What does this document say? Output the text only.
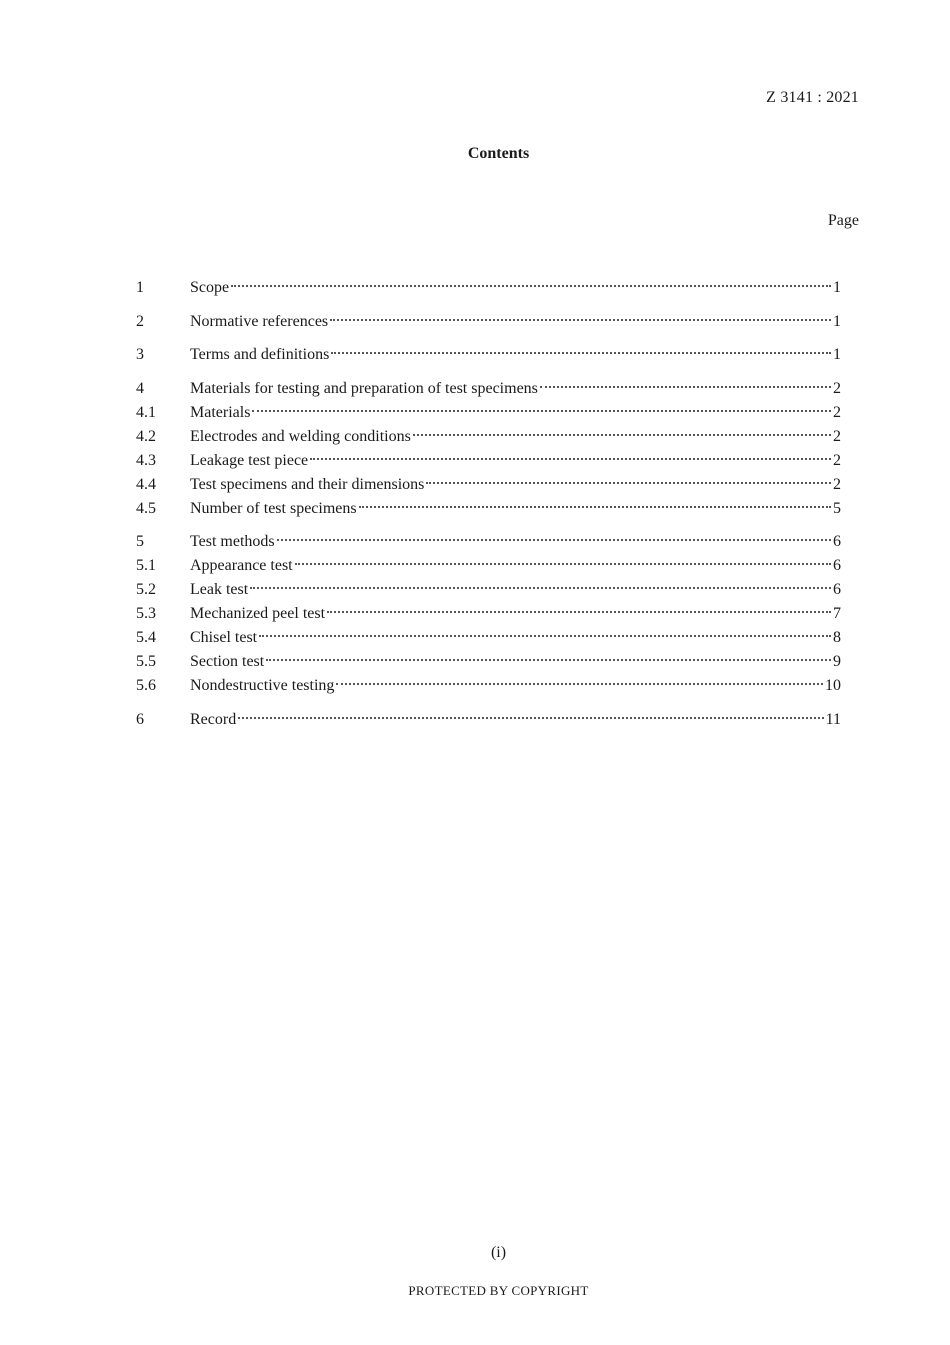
Z 3141 : 2021
Contents
Page
1	Scope	1
2	Normative references	1
3	Terms and definitions	1
4	Materials for testing and preparation of test specimens	2
4.1	Materials	2
4.2	Electrodes and welding conditions	2
4.3	Leakage test piece	2
4.4	Test specimens and their dimensions	2
4.5	Number of test specimens	5
5	Test methods	6
5.1	Appearance test	6
5.2	Leak test	6
5.3	Mechanized peel test	7
5.4	Chisel test	8
5.5	Section test	9
5.6	Nondestructive testing	10
6	Record	11
(i)
PROTECTED BY COPYRIGHT
